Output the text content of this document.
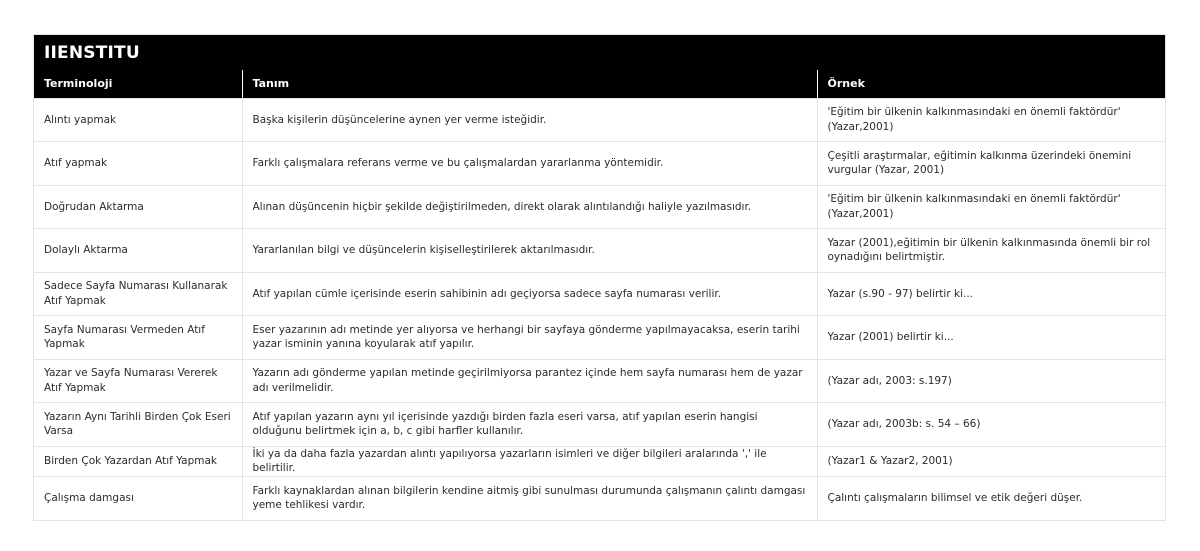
IIENSTITU
Terminoloji	Tanım	Örnek
Alıntı yapmak	Başka kişilerin düşüncelerine aynen yer verme isteğidir.	'Eğitim bir ülkenin kalkınmasındaki en önemli faktördür' (Yazar,2001)
Atıf yapmak	Farklı çalışmalara referans verme ve bu çalışmalardan yararlanma yöntemidir.	Çeşitli araştırmalar, eğitimin kalkınma üzerindeki önemini vurgular (Yazar, 2001)
Doğrudan Aktarma	Alınan düşüncenin hiçbir şekilde değiştirilmeden, direkt olarak alıntılandığı haliyle yazılmasıdır.	'Eğitim bir ülkenin kalkınmasındaki en önemli faktördür' (Yazar,2001)
Dolaylı Aktarma	Yararlanılan bilgi ve düşüncelerin kişiselleştirilerek aktarılmasıdır.	Yazar (2001),eğitimin bir ülkenin kalkınmasında önemli bir rol oynadığını belirtmiştir.
Sadece Sayfa Numarası Kullanarak Atıf Yapmak	Atıf yapılan cümle içerisinde eserin sahibinin adı geçiyorsa sadece sayfa numarası verilir.	Yazar (s.90 - 97) belirtir ki...
Sayfa Numarası Vermeden Atıf Yapmak	Eser yazarının adı metinde yer alıyorsa ve herhangi bir sayfaya gönderme yapılmayacaksa, eserin tarihi yazar isminin yanına koyularak atıf yapılır.	Yazar (2001) belirtir ki...
Yazar ve Sayfa Numarası Vererek Atıf Yapmak	Yazarın adı gönderme yapılan metinde geçirilmiyorsa parantez içinde hem sayfa numarası hem de yazar adı verilmelidir.	(Yazar adı, 2003: s.197)
Yazarın Aynı Tarihli Birden Çok Eseri Varsa	Atıf yapılan yazarın aynı yıl içerisinde yazdığı birden fazla eseri varsa, atıf yapılan eserin hangisi olduğunu belirtmek için a, b, c gibi harfler kullanılır.	(Yazar adı, 2003b: s. 54 – 66)
Birden Çok Yazardan Atıf Yapmak	İki ya da daha fazla yazardan alıntı yapılıyorsa yazarların isimleri ve diğer bilgileri aralarında ',' ile belirtilir.	(Yazar1 & Yazar2, 2001)
Çalışma damgası	Farklı kaynaklardan alınan bilgilerin kendine aitmiş gibi sunulması durumunda çalışmanın çalıntı damgası yeme tehlikesi vardır.	Çalıntı çalışmaların bilimsel ve etik değeri düşer.
